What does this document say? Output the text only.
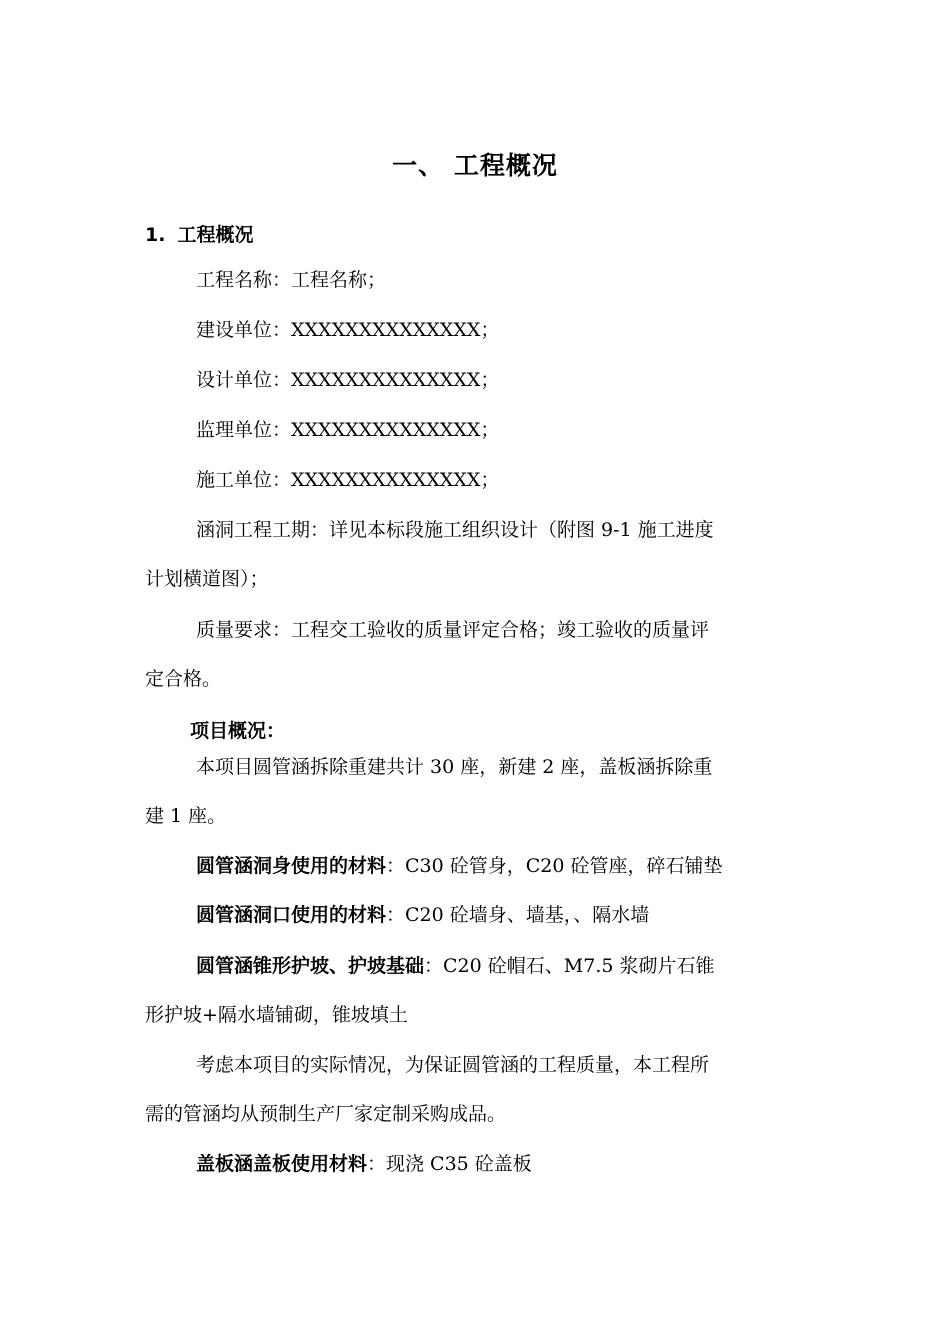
一、 工程概况
1. 工程概况
工程名称：工程名称；
建设单位：XXXXXXXXXXXXXX；
设计单位：XXXXXXXXXXXXXX；
监理单位：XXXXXXXXXXXXXX；
施工单位：XXXXXXXXXXXXXX；
涵洞工程工期：详见本标段施工组织设计（附图 9-1 施工进度
计划横道图）；
质量要求：工程交工验收的质量评定合格；竣工验收的质量评
定合格。
项目概况：
本项目圆管涵拆除重建共计 30 座，新建 2 座，盖板涵拆除重
建 1 座。
圆管涵洞身使用的材料：C30 砼管身，C20 砼管座，碎石铺垫
圆管涵洞口使用的材料：C20 砼墙身、墙基，、隔水墙
圆管涵锥形护坡、护坡基础：C20 砼帽石、M7.5 浆砌片石锥
形护坡+隔水墙铺砌，锥坡填土
考虑本项目的实际情况，为保证圆管涵的工程质量，本工程所
需的管涵均从预制生产厂家定制采购成品。
盖板涵盖板使用材料：现浇 C35 砼盖板
